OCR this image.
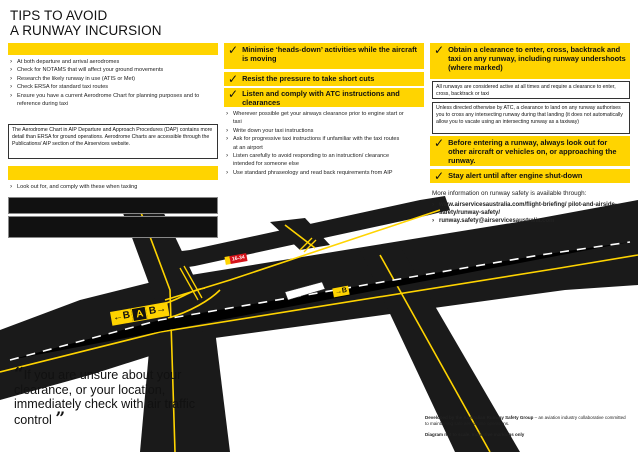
←B A B→
→B
16-34
TIPS TO AVOID
A RUNWAY INCURSION
› At both departure and arrival aerodromes
› Check for NOTAMS that will affect your ground movements
› Research the likely runway in use (ATIS or Met)
› Check ERSA for standard taxi routes
› Ensure you have a current Aerodrome Chart for planning purposes and to reference during taxi
The Aerodrome Chart in AIP Departure and Approach Procedures (DAP) contains more detail than ERSA for ground operations. Aerodrome Charts are accessible through the Publications/ AIP section of the Airservices website.
› Look out for, and comply with these when taxiing
✓ Minimise ‘heads-down’ activities while the aircraft is moving
✓ Resist the pressure to take short cuts
✓ Listen and comply with ATC instructions and clearances
› Wherever possible get your airways clearance prior to engine start or taxi
› Write down your taxi instructions
› Ask for progressive taxi instructions if unfamiliar with the taxi routes at an airport
› Listen carefully to avoid responding to an instruction/ clearance intended for someone else
› Use standard phraseology and read back requirements from AIP
✓ Obtain a clearance to enter, cross, backtrack and taxi on any runway, including runway undershoots (where marked)
All runways are considered active at all times and require a clearance to enter, cross, backtrack or taxi
Unless directed otherwise by ATC, a clearance to land on any runway authorises you to cross any intersecting runway during that landing (it does not automatically allow you to vacate using an intersecting runway as a taxiway)
✓ Before entering a runway, always look out for other aircraft or vehicles on, or approaching the runway.
✓ Stay alert until after engine shut-down
More information on runway safety is available through:
› www.airservicesaustralia.com/flight-briefing/ pilot-and-airside-safety/runway-safety/
› runway.safety@airservicesaustralia.com
“If you are unsure about your clearance, or your location, immediately check with air traffic control ”	Developed by the Australian Runway Safety Group – an aviation industry collaborative committed to maintaining safe aerodrome operations.
Diagram not to scale. Indicative markings only
